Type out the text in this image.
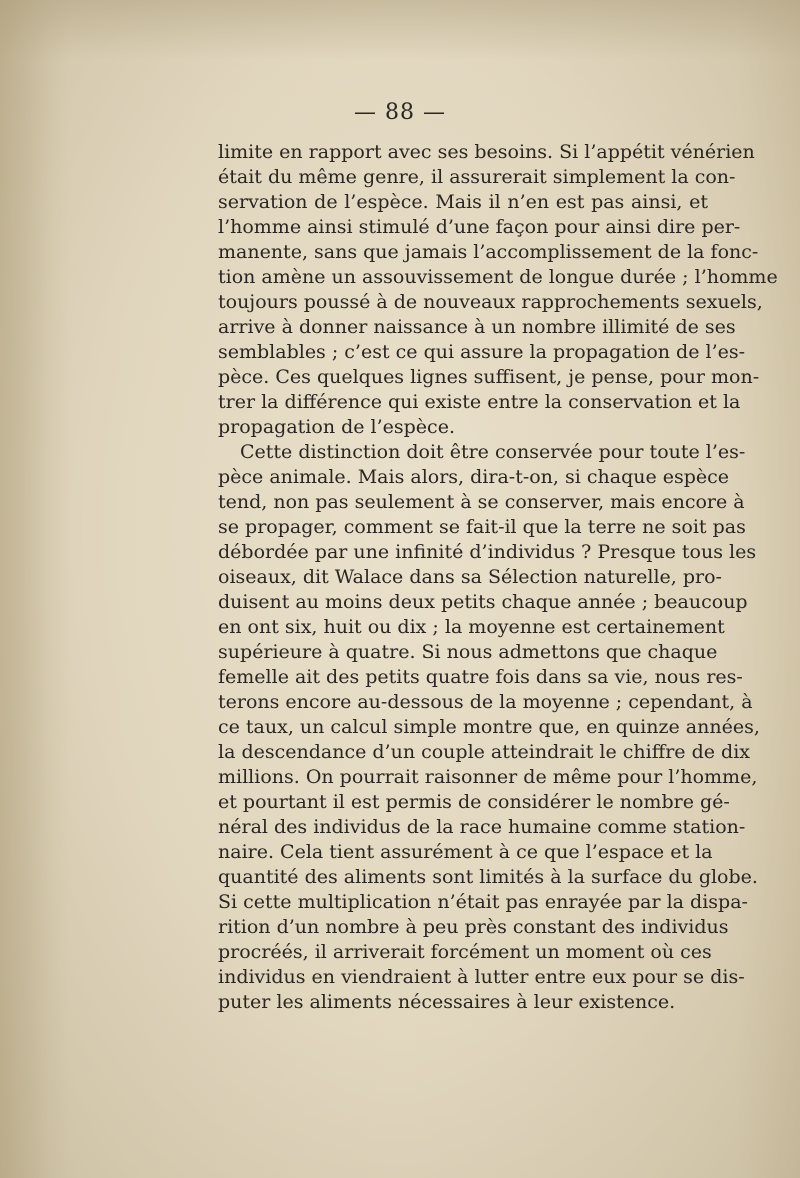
— 88 —
limite en rapport avec ses besoins. Si l’appétit vénérien
était du même genre, il assurerait simplement la con-
servation de l’espèce. Mais il n’en est pas ainsi, et
l’homme ainsi stimulé d’une façon pour ainsi dire per-
manente, sans que jamais l’accomplissement de la fonc-
tion amène un assouvissement de longue durée ; l’homme
toujours poussé à de nouveaux rapprochements sexuels,
arrive à donner naissance à un nombre illimité de ses
semblables ; c’est ce qui assure la propagation de l’es-
pèce. Ces quelques lignes suffisent, je pense, pour mon-
trer la différence qui existe entre la conservation et la
propagation de l’espèce.
Cette distinction doit être conservée pour toute l’es-
pèce animale. Mais alors, dira-t-on, si chaque espèce
tend, non pas seulement à se conserver, mais encore à
se propager, comment se fait-il que la terre ne soit pas
débordée par une infinité d’individus ? Presque tous les
oiseaux, dit Walace dans sa Sélection naturelle, pro-
duisent au moins deux petits chaque année ; beaucoup
en ont six, huit ou dix ; la moyenne est certainement
supérieure à quatre. Si nous admettons que chaque
femelle ait des petits quatre fois dans sa vie, nous res-
terons encore au-dessous de la moyenne ; cependant, à
ce taux, un calcul simple montre que, en quinze années,
la descendance d’un couple atteindrait le chiffre de dix
millions. On pourrait raisonner de même pour l’homme,
et pourtant il est permis de considérer le nombre gé-
néral des individus de la race humaine comme station-
naire. Cela tient assurément à ce que l’espace et la
quantité des aliments sont limités à la surface du globe.
Si cette multiplication n’était pas enrayée par la dispa-
rition d’un nombre à peu près constant des individus
procréés, il arriverait forcément un moment où ces
individus en viendraient à lutter entre eux pour se dis-
puter les aliments nécessaires à leur existence.
